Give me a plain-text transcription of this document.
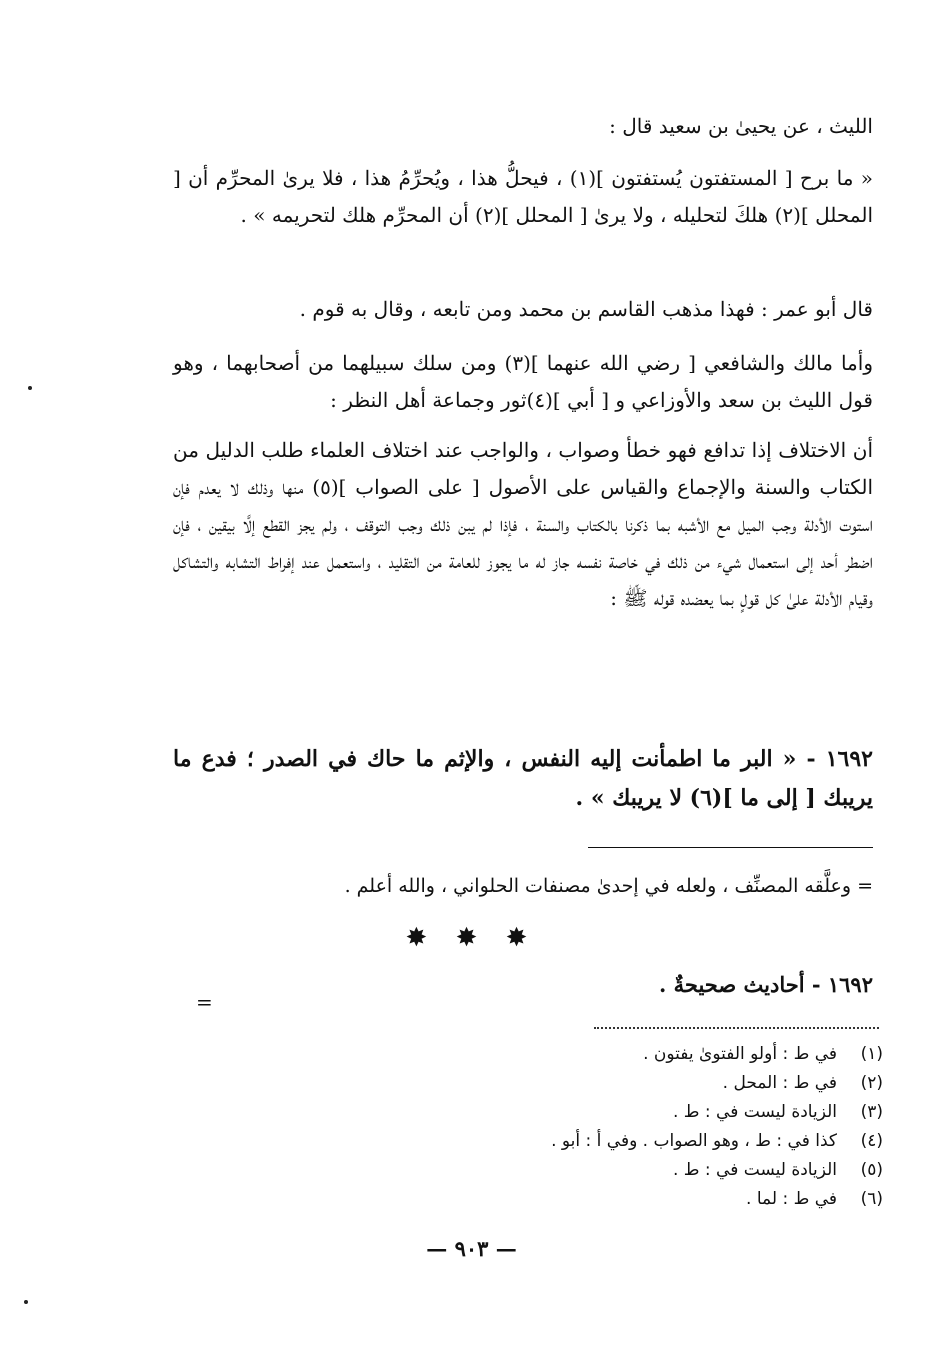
الليث ، عن يحيىٰ بن سعيد قال :
« ما برح [ المستفتون يُستفتون ](١) ، فيحلُّ هذا ، ويُحرِّمُ هذا ، فلا يرىٰ المحرِّم أن [ المحلل ](٢) هلكَ لتحليله ، ولا يرىٰ [ المحلل ](٢) أن المحرِّم هلك لتحريمه » .
قال أبو عمر : فهذا مذهب القاسم بن محمد ومن تابعه ، وقال به قوم .
وأما مالك والشافعي [ رضي الله عنهما ](٣) ومن سلك سبيلهما من أصحابهما ، وهو قول الليث بن سعد والأوزاعي و [ أبي ](٤)ثور وجماعة أهل النظر :
أن الاختلاف إذا تدافع فهو خطأ وصواب ، والواجب عند اختلاف العلماء طلب الدليل من الكتاب والسنة والإجماع والقياس على الأصول [ على الصواب ](٥) منها وذلك لا يعدم فإن استوت الأدلة وجب الميل مع الأشبه بما ذكرنا بالكتاب والسنة ، فإذا لم يبن ذلك وجب التوقف ، ولم يجز القطع إلَّا بيقين ، فإن اضطر أحد إلى استعمال شيء من ذلك في خاصة نفسه جاز له ما يجوز للعامة من التقليد ، واستعمل عند إفراط التشابه والتشاكل وقيام الأدلة علىٰ كل قولٍ بما يعضده قوله ﷺ :
١٦٩٢ - « البر ما اطمأنت إليه النفس ، والإثم ما حاك في الصدر ؛ فدع ما يريبك [ إلى ما ](٦) لا يريبك » .
= وعلَّقه المصنِّف ، ولعله في إحدىٰ مصنفات الحلواني ، والله أعلم .
✸ ✸ ✸
١٦٩٢ - أحاديث صحيحةٌ .
=
(١)في ط : أولو الفتوىٰ يفتون .
(٢)في ط : المحل .
(٣)الزيادة ليست في : ط .
(٤)كذا في : ط ، وهو الصواب . وفي أ : أبو .
(٥)الزيادة ليست في : ط .
(٦)في ط : لما .
— ٩٠٣ —
